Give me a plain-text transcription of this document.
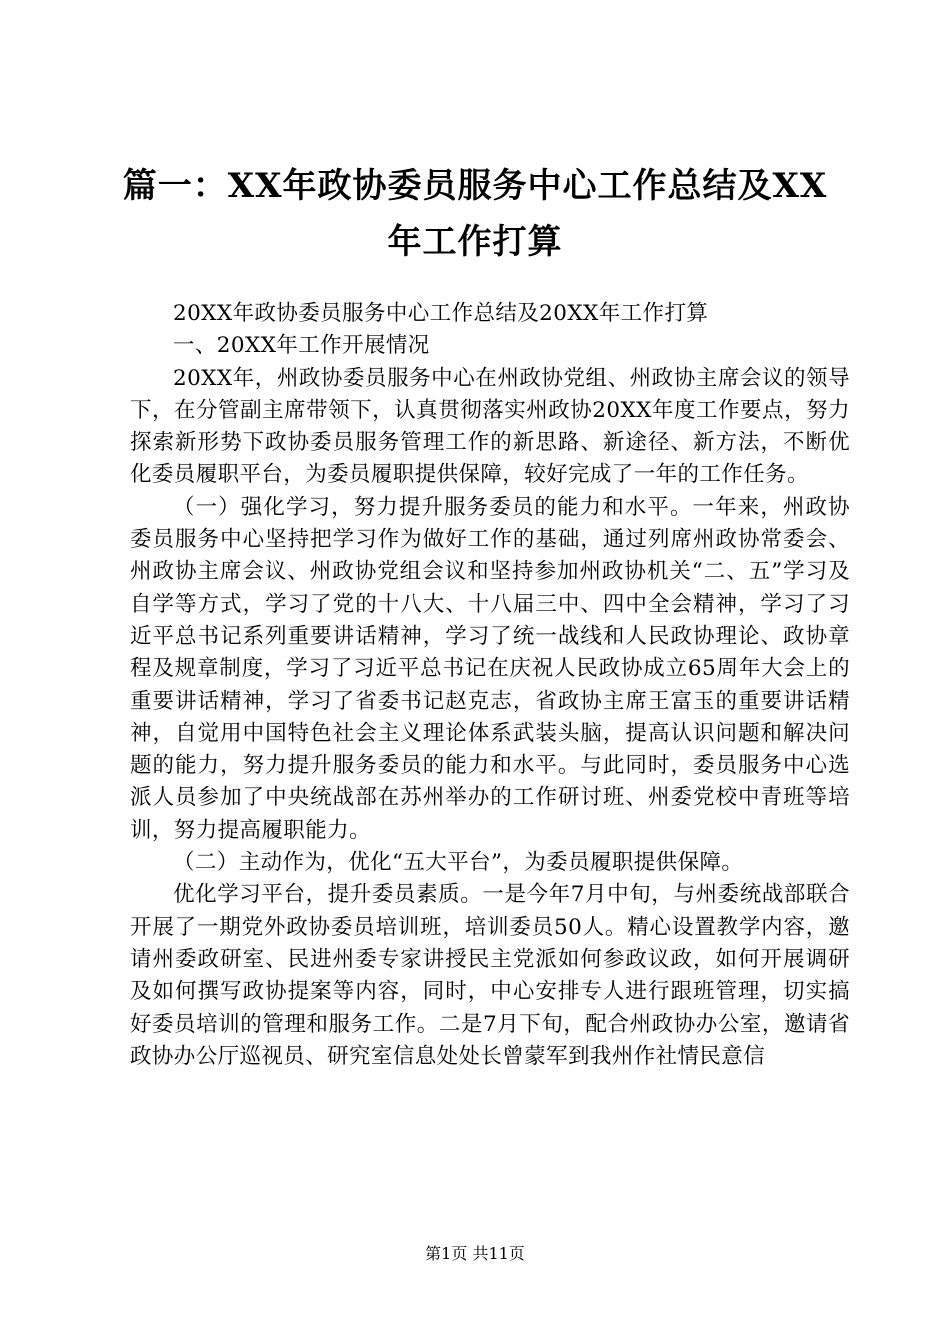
篇一：XX年政协委员服务中心工作总结及XX年工作打算

20XX年政协委员服务中心工作总结及20XX年工作打算

一、20XX年工作开展情况

20XX年，州政协委员服务中心在州政协党组、州政协主席会议的领导下，在分管副主席带领下，认真贯彻落实州政协20XX年度工作要点，努力探索新形势下政协委员服务管理工作的新思路、新途径、新方法，不断优化委员履职平台，为委员履职提供保障，较好完成了一年的工作任务。

（一）强化学习，努力提升服务委员的能力和水平。一年来，州政协委员服务中心坚持把学习作为做好工作的基础，通过列席州政协常委会、州政协主席会议、州政协党组会议和坚持参加州政协机关“二、五”学习及自学等方式，学习了党的十八大、十八届三中、四中全会精神，学习了习近平总书记系列重要讲话精神，学习了统一战线和人民政协理论、政协章程及规章制度，学习了习近平总书记在庆祝人民政协成立65周年大会上的重要讲话精神，学习了省委书记赵克志，省政协主席王富玉的重要讲话精神，自觉用中国特色社会主义理论体系武装头脑，提高认识问题和解决问题的能力，努力提升服务委员的能力和水平。与此同时，委员服务中心选派人员参加了中央统战部在苏州举办的工作研讨班、州委党校中青班等培训，努力提高履职能力。

（二）主动作为，优化“五大平台”，为委员履职提供保障。

优化学习平台，提升委员素质。一是今年7月中旬，与州委统战部联合开展了一期党外政协委员培训班，培训委员50人。精心设置教学内容，邀请州委政研室、民进州委专家讲授民主党派如何参政议政，如何开展调研及如何撰写政协提案等内容，同时，中心安排专人进行跟班管理，切实搞好委员培训的管理和服务工作。二是7月下旬，配合州政协办公室，邀请省政协办公厅巡视员、研究室信息处处长曾蒙军到我州作社情民意信

第1页 共11页
